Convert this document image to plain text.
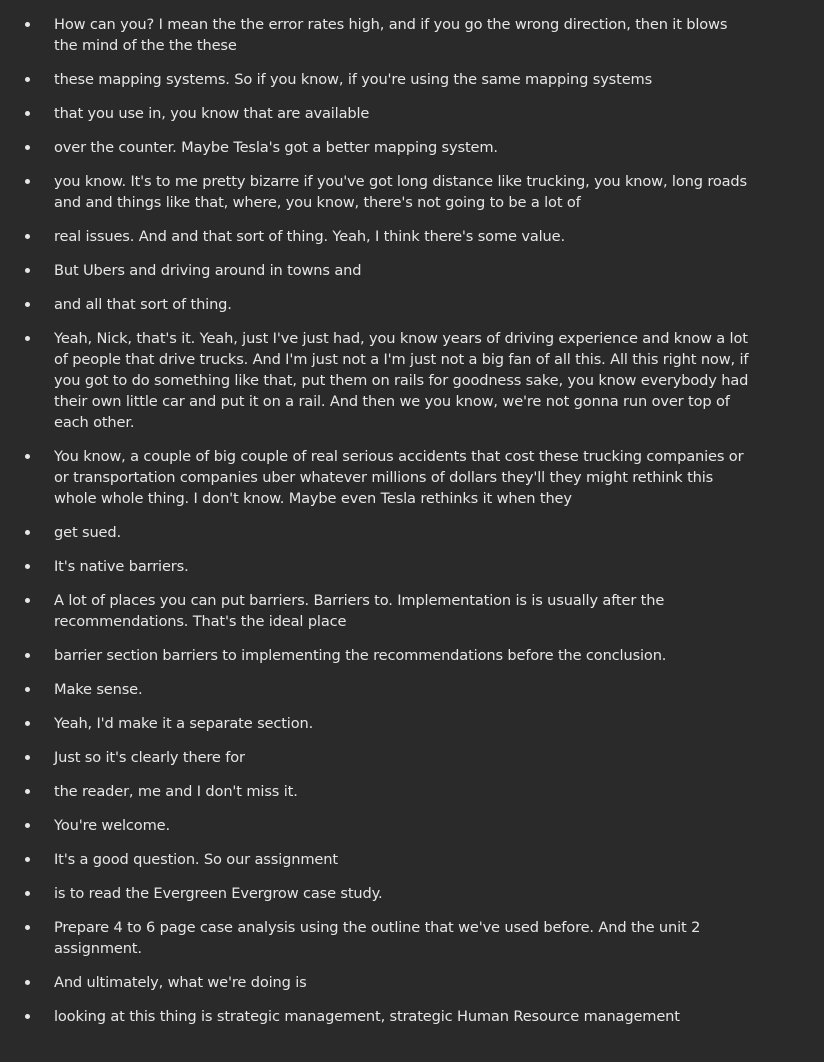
How can you? I mean the the error rates high, and if you go the wrong direction, then it blows the mind of the the these
these mapping systems. So if you know, if you're using the same mapping systems
that you use in, you know that are available
over the counter. Maybe Tesla's got a better mapping system.
you know. It's to me pretty bizarre if you've got long distance like trucking, you know, long roads and and things like that, where, you know, there's not going to be a lot of
real issues. And and that sort of thing. Yeah, I think there's some value.
But Ubers and driving around in towns and
and all that sort of thing.
Yeah, Nick, that's it. Yeah, just I've just had, you know years of driving experience and know a lot of people that drive trucks. And I'm just not a I'm just not a big fan of all this. All this right now, if you got to do something like that, put them on rails for goodness sake, you know everybody had their own little car and put it on a rail. And then we you know, we're not gonna run over top of each other.
You know, a couple of big couple of real serious accidents that cost these trucking companies or or transportation companies uber whatever millions of dollars they'll they might rethink this whole whole thing. I don't know. Maybe even Tesla rethinks it when they
get sued.
It's native barriers.
A lot of places you can put barriers. Barriers to. Implementation is is usually after the recommendations. That's the ideal place
barrier section barriers to implementing the recommendations before the conclusion.
Make sense.
Yeah, I'd make it a separate section.
Just so it's clearly there for
the reader, me and I don't miss it.
You're welcome.
It's a good question. So our assignment
is to read the Evergreen Evergrow case study.
Prepare 4 to 6 page case analysis using the outline that we've used before. And the unit 2 assignment.
And ultimately, what we're doing is
looking at this thing is strategic management, strategic Human Resource management
